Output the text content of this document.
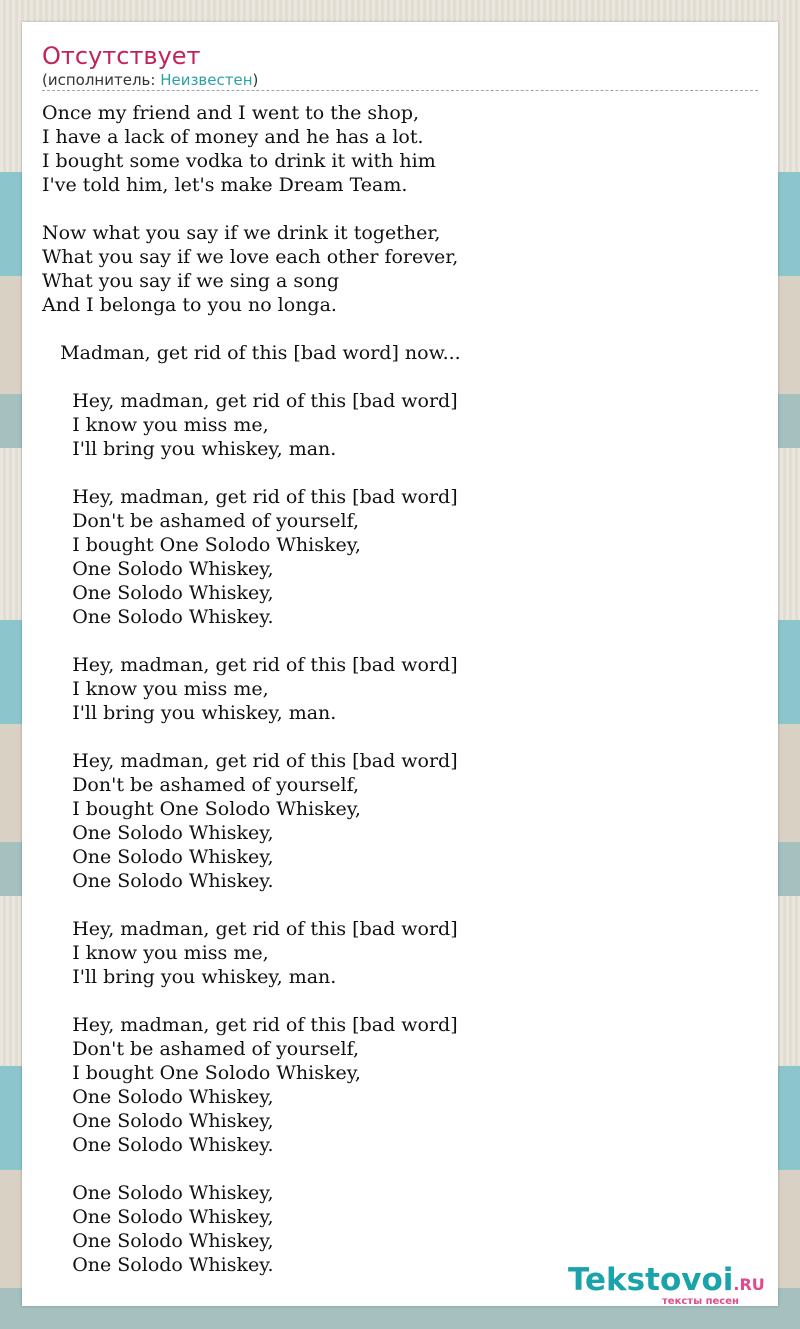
Отсутствует
(исполнитель: Неизвестен)
Once my friend and I went to the shop,
I have a lack of money and he has a lot.
I bought some vodka to drink it with him
I've told him, let's make Dream Team.

Now what you say if we drink it together,
What you say if we love each other forever,
What you say if we sing a song
And I belonga to you no longa.

Madman, get rid of this [bad word] now...

Hey, madman, get rid of this [bad word]
I know you miss me,
I'll bring you whiskey, man.

Hey, madman, get rid of this [bad word]
Don't be ashamed of yourself,
I bought One Solodo Whiskey,
One Solodo Whiskey,
One Solodo Whiskey,
One Solodo Whiskey.

Hey, madman, get rid of this [bad word]
I know you miss me,
I'll bring you whiskey, man.

Hey, madman, get rid of this [bad word]
Don't be ashamed of yourself,
I bought One Solodo Whiskey,
One Solodo Whiskey,
One Solodo Whiskey,
One Solodo Whiskey.

Hey, madman, get rid of this [bad word]
I know you miss me,
I'll bring you whiskey, man.

Hey, madman, get rid of this [bad word]
Don't be ashamed of yourself,
I bought One Solodo Whiskey,
One Solodo Whiskey,
One Solodo Whiskey,
One Solodo Whiskey.

One Solodo Whiskey,
One Solodo Whiskey,
One Solodo Whiskey,
One Solodo Whiskey.	Tekstovoi.RU
тексты песен
